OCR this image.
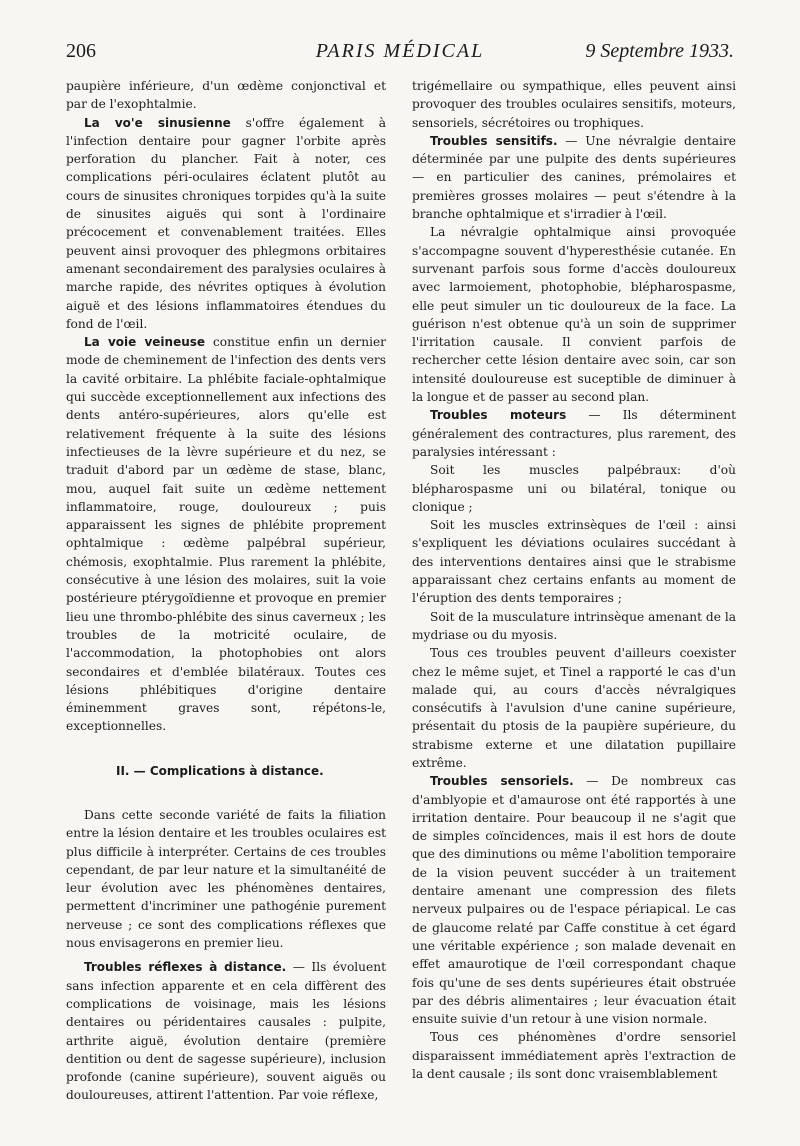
206	PARIS MÉDICAL	9 Septembre 1933.

paupière inférieure, d'un œdème conjonctival et par de l'exophtalmie.

La vo'e sinusienne s'offre également à l'infection dentaire pour gagner l'orbite après perforation du plancher. Fait à noter, ces complications péri-oculaires éclatent plutôt au cours de sinusites chroniques torpides qu'à la suite de sinusites aiguës qui sont à l'ordinaire précocement et convenablement traitées. Elles peuvent ainsi provoquer des phlegmons orbitaires amenant secondairement des paralysies oculaires à marche rapide, des névrites optiques à évolution aiguë et des lésions inflammatoires étendues du fond de l'œil.

La voie veineuse constitue enfin un dernier mode de cheminement de l'infection des dents vers la cavité orbitaire. La phlébite faciale-ophtalmique qui succède exceptionnellement aux infections des dents antéro-supérieures, alors qu'elle est relativement fréquente à la suite des lésions infectieuses de la lèvre supérieure et du nez, se traduit d'abord par un œdème de stase, blanc, mou, auquel fait suite un œdème nettement inflammatoire, rouge, douloureux ; puis apparaissent les signes de phlébite proprement ophtalmique : œdème palpébral supérieur, chémosis, exophtalmie. Plus rarement la phlébite, consécutive à une lésion des molaires, suit la voie postérieure ptérygoïdienne et provoque en premier lieu une thrombo-phlébite des sinus caverneux ; les troubles de la motricité oculaire, de l'accommodation, la photophobies ont alors secondaires et d'emblée bilatéraux. Toutes ces lésions phlébitiques d'origine dentaire éminemment graves sont, répétons-le, exceptionnelles.

II. — Complications à distance.

Dans cette seconde variété de faits la filiation entre la lésion dentaire et les troubles oculaires est plus difficile à interpréter. Certains de ces troubles cependant, de par leur nature et la simultanéité de leur évolution avec les phénomènes dentaires, permettent d'incriminer une pathogénie purement nerveuse ; ce sont des complications réflexes que nous envisagerons en premier lieu.

Troubles réflexes à distance. — Ils évoluent sans infection apparente et en cela diffèrent des complications de voisinage, mais les lésions dentaires ou péridentaires causales : pulpite, arthrite aiguë, évolution dentaire (première dentition ou dent de sagesse supérieure), inclusion profonde (canine supérieure), souvent aiguës ou douloureuses, attirent l'attention. Par voie réflexe,

trigémellaire ou sympathique, elles peuvent ainsi provoquer des troubles oculaires sensitifs, moteurs, sensoriels, sécrétoires ou trophiques.

Troubles sensitifs. — Une névralgie dentaire déterminée par une pulpite des dents supérieures — en particulier des canines, prémolaires et premières grosses molaires — peut s'étendre à la branche ophtalmique et s'irradier à l'œil.

La névralgie ophtalmique ainsi provoquée s'accompagne souvent d'hyperesthésie cutanée. En survenant parfois sous forme d'accès douloureux avec larmoiement, photophobie, blépharospasme, elle peut simuler un tic douloureux de la face. La guérison n'est obtenue qu'à un soin de supprimer l'irritation causale. Il convient parfois de rechercher cette lésion dentaire avec soin, car son intensité douloureuse est suceptible de diminuer à la longue et de passer au second plan.

Troubles moteurs — Ils déterminent généralement des contractures, plus rarement, des paralysies intéressant :

Soit les muscles palpébraux: d'où blépharospasme uni ou bilatéral, tonique ou clonique ;

Soit les muscles extrinsèques de l'œil : ainsi s'expliquent les déviations oculaires succédant à des interventions dentaires ainsi que le strabisme apparaissant chez certains enfants au moment de l'éruption des dents temporaires ;

Soit de la musculature intrinsèque amenant de la mydriase ou du myosis.

Tous ces troubles peuvent d'ailleurs coexister chez le même sujet, et Tinel a rapporté le cas d'un malade qui, au cours d'accès névralgiques consécutifs à l'avulsion d'une canine supérieure, présentait du ptosis de la paupière supérieure, du strabisme externe et une dilatation pupillaire extrême.

Troubles sensoriels. — De nombreux cas d'amblyopie et d'amaurose ont été rapportés à une irritation dentaire. Pour beaucoup il ne s'agit que de simples coïncidences, mais il est hors de doute que des diminutions ou même l'abolition temporaire de la vision peuvent succéder à un traitement dentaire amenant une compression des filets nerveux pulpaires ou de l'espace périapical. Le cas de glaucome relaté par Caffe constitue à cet égard une véritable expérience ; son malade devenait en effet amaurotique de l'œil correspondant chaque fois qu'une de ses dents supérieures était obstruée par des débris alimentaires ; leur évacuation était ensuite suivie d'un retour à une vision normale.

Tous ces phénomènes d'ordre sensoriel disparaissent immédiatement après l'extraction de la dent causale ; ils sont donc vraisemblablement
